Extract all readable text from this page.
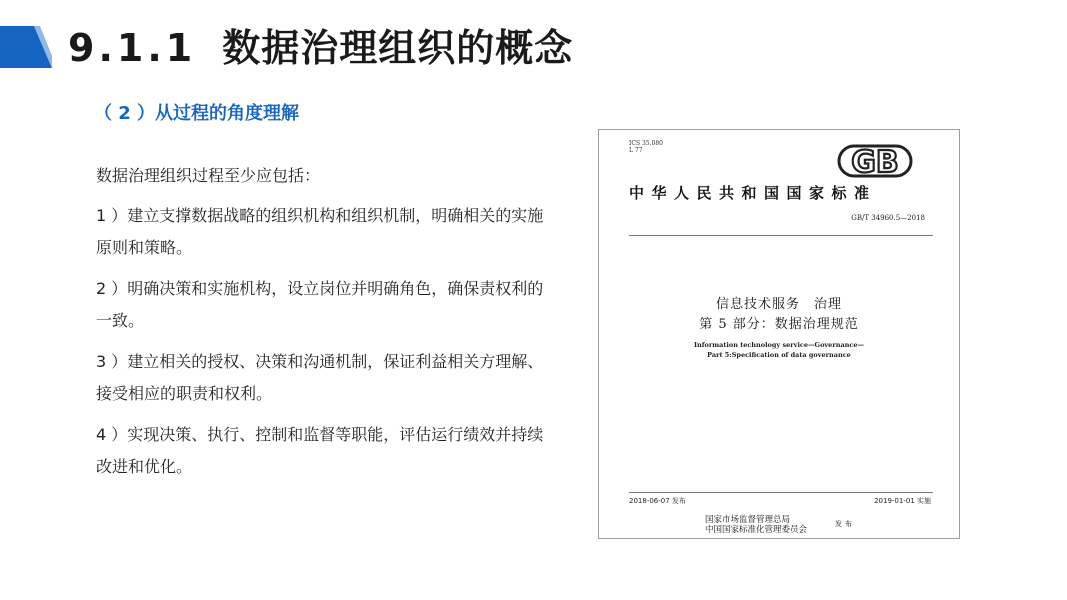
9.1.1 数据治理组织的概念
（ 2 ）从过程的角度理解

数据治理组织过程至少应包括：

1 ）建立支撑数据战略的组织机构和组织机制，明确相关的实施原则和策略。

2 ）明确决策和实施机构，设立岗位并明确角色，确保责权利的一致。

3 ）建立相关的授权、决策和沟通机制，保证利益相关方理解、接受相应的职责和权利。

4 ）实现决策、执行、控制和监督等职能，评估运行绩效并持续改进和优化。

ICS 35.080
L 77	GB
中华人民共和国国家标准
GB/T 34960.5—2018
信息技术服务　治理
第 5 部分：数据治理规范
Information technology service—Governance—
Part 5:Specification of data governance
2018-06-07 发布	2019-01-01 实施
国家市场监督管理总局
中国国家标准化管理委员会
发布
